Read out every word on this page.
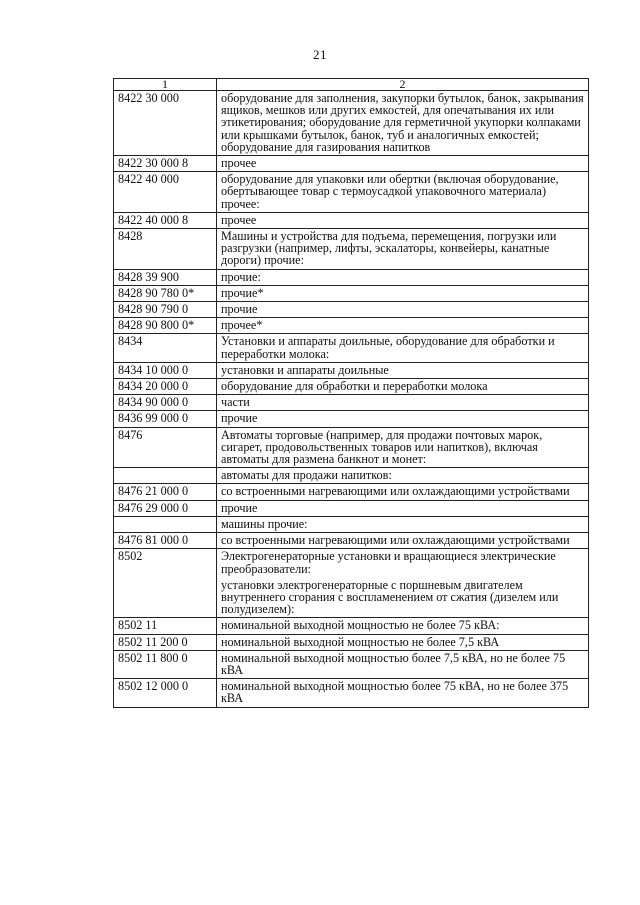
21
1	2
8422 30 000	оборудование для заполнения, закупорки бутылок, банок, закрывания ящиков, мешков или других емкостей, для опечатывания их или этикетирования; оборудование для герметичной укупорки колпаками или крышками бутылок, банок, туб и аналогичных емкостей; оборудование для газирования напитков

8422 30 000 8	прочее

8422 40 000	оборудование для упаковки или обертки (включая оборудование, обертывающее товар с термоусадкой упаковочного материала) прочее:

8422 40 000 8	прочее

8428	Машины и устройства для подъема, перемещения, погрузки или разгрузки (например, лифты, эскалаторы, конвейеры, канатные дороги) прочие:

8428 39 900	прочие:

8428 90 780 0*	прочие*

8428 90 790 0	прочие

8428 90 800 0*	прочее*

8434	Установки и аппараты доильные, оборудование для обработки и переработки молока:

8434 10 000 0	установки и аппараты доильные

8434 20 000 0	оборудование для обработки и переработки молока

8434 90 000 0	части

8436 99 000 0	прочие

8476	Автоматы торговые (например, для продажи почтовых марок, сигарет, продовольственных товаров или напитков), включая автоматы для размена банкнот и монет:

	автоматы для продажи напитков:

8476 21 000 0	со встроенными нагревающими или охлаждающими устройствами

8476 29 000 0	прочие

	машины прочие:

8476 81 000 0	со встроенными нагревающими или охлаждающими устройствами

8502	Электрогенераторные установки и вращающиеся электрические преобразователи:
установки электрогенераторные с поршневым двигателем внутреннего сгорания с воспламенением от сжатия (дизелем или полудизелем):

8502 11	номинальной выходной мощностью не более 75 кВА:

8502 11 200 0	номинальной выходной мощностью не более 7,5 кВА

8502 11 800 0	номинальной выходной мощностью более 7,5 кВА, но не более 75 кВА

8502 12 000 0	номинальной выходной мощностью более 75 кВА, но не более 375 кВА
